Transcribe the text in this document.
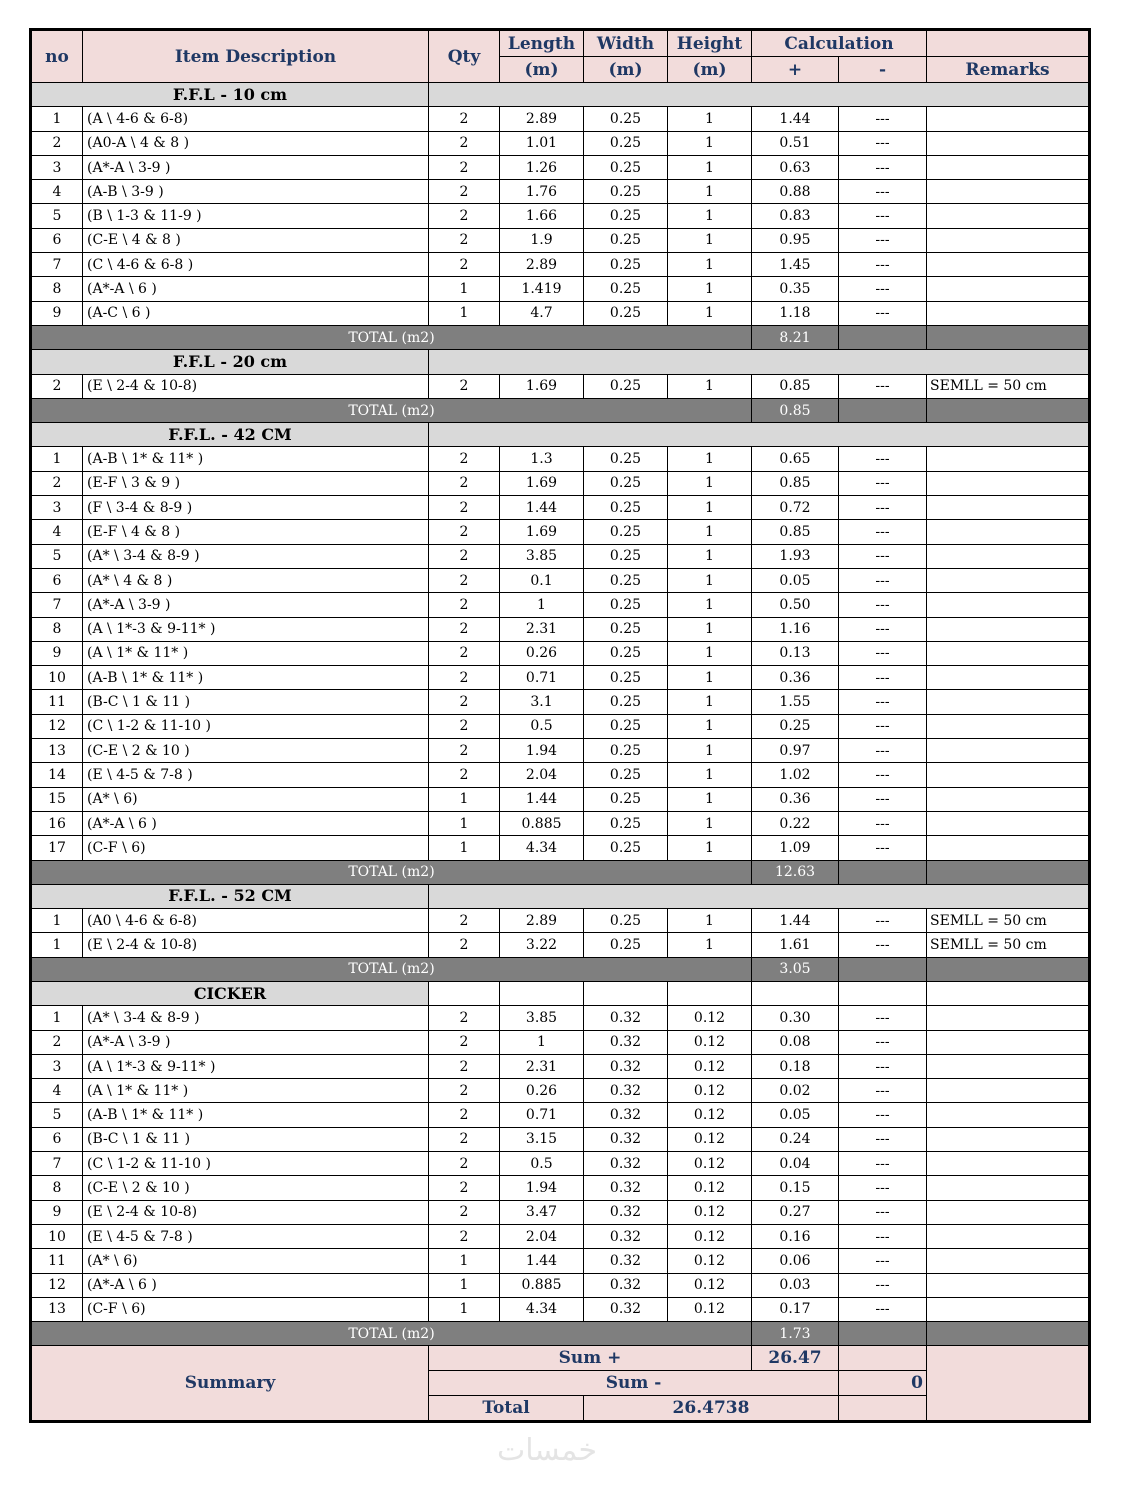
no	Item Description	Qty	Length	Width	Height	Calculation		
			(m)	(m)	(m)	+	-	Remarks
F.F.L - 10 cm								
1	(A \ 4-6 & 6-8)	2	2.89	0.25	1	1.44	---	
2	(A0-A \ 4 & 8 )	2	1.01	0.25	1	0.51	---	
3	(A*-A \ 3-9 )	2	1.26	0.25	1	0.63	---	
4	(A-B \ 3-9 )	2	1.76	0.25	1	0.88	---	
5	(B \ 1-3 & 11-9 )	2	1.66	0.25	1	0.83	---	
6	(C-E \ 4 & 8 )	2	1.9	0.25	1	0.95	---	
7	(C \ 4-6 & 6-8 )	2	2.89	0.25	1	1.45	---	
8	(A*-A \ 6 )	1	1.419	0.25	1	0.35	---	
9	(A-C \ 6 )	1	4.7	0.25	1	1.18	---	
TOTAL (m2)						8.21		
F.F.L - 20 cm								
2	(E \ 2-4 & 10-8)	2	1.69	0.25	1	0.85	---	SEMLL = 50 cm
TOTAL (m2)						0.85		
F.F.L. - 42 CM								
1	(A-B \ 1* & 11* )	2	1.3	0.25	1	0.65	---	
2	(E-F \ 3 & 9 )	2	1.69	0.25	1	0.85	---	
3	(F \ 3-4 & 8-9 )	2	1.44	0.25	1	0.72	---	
4	(E-F \ 4 & 8 )	2	1.69	0.25	1	0.85	---	
5	(A* \ 3-4 & 8-9 )	2	3.85	0.25	1	1.93	---	
6	(A* \ 4 & 8 )	2	0.1	0.25	1	0.05	---	
7	(A*-A \ 3-9 )	2	1	0.25	1	0.50	---	
8	(A \ 1*-3 & 9-11* )	2	2.31	0.25	1	1.16	---	
9	(A \ 1* & 11* )	2	0.26	0.25	1	0.13	---	
10	(A-B \ 1* & 11* )	2	0.71	0.25	1	0.36	---	
11	(B-C \ 1 & 11 )	2	3.1	0.25	1	1.55	---	
12	(C \ 1-2 & 11-10 )	2	0.5	0.25	1	0.25	---	
13	(C-E \ 2 & 10 )	2	1.94	0.25	1	0.97	---	
14	(E \ 4-5 & 7-8 )	2	2.04	0.25	1	1.02	---	
15	(A* \ 6)	1	1.44	0.25	1	0.36	---	
16	(A*-A \ 6 )	1	0.885	0.25	1	0.22	---	
17	(C-F \ 6)	1	4.34	0.25	1	1.09	---	
TOTAL (m2)						12.63		
F.F.L. - 52 CM								
1	(A0 \ 4-6 & 6-8)	2	2.89	0.25	1	1.44	---	SEMLL = 50 cm
1	(E \ 2-4 & 10-8)	2	3.22	0.25	1	1.61	---	SEMLL = 50 cm
TOTAL (m2)						3.05		
CICKER								
1	(A* \ 3-4 & 8-9 )	2	3.85	0.32	0.12	0.30	---	
2	(A*-A \ 3-9 )	2	1	0.32	0.12	0.08	---	
3	(A \ 1*-3 & 9-11* )	2	2.31	0.32	0.12	0.18	---	
4	(A \ 1* & 11* )	2	0.26	0.32	0.12	0.02	---	
5	(A-B \ 1* & 11* )	2	0.71	0.32	0.12	0.05	---	
6	(B-C \ 1 & 11 )	2	3.15	0.32	0.12	0.24	---	
7	(C \ 1-2 & 11-10 )	2	0.5	0.32	0.12	0.04	---	
8	(C-E \ 2 & 10 )	2	1.94	0.32	0.12	0.15	---	
9	(E \ 2-4 & 10-8)	2	3.47	0.32	0.12	0.27	---	
10	(E \ 4-5 & 7-8 )	2	2.04	0.32	0.12	0.16	---	
11	(A* \ 6)	1	1.44	0.32	0.12	0.06	---	
12	(A*-A \ 6 )	1	0.885	0.32	0.12	0.03	---	
13	(C-F \ 6)	1	4.34	0.32	0.12	0.17	---	
TOTAL (m2)						1.73		
Summary		Sum +				26.47		
		Sum -					0	
		Total		26.4738				
خمسات
